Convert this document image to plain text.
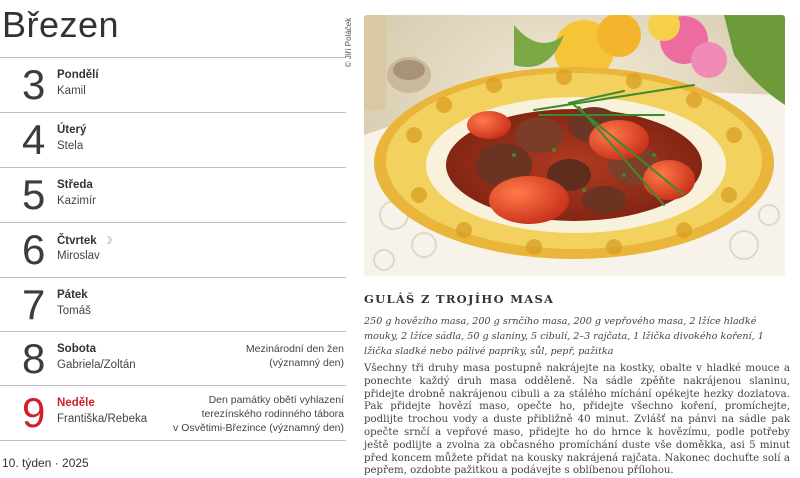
Březen
3 Pondělí
Kamil
4 Úterý
Stela
5 Středa
Kazimír
6 Čtvrtek ☽
Miroslav
7 Pátek
Tomáš
8 Sobota
Gabriela/Zoltán
Mezinárodní den žen
(významný den)
9 Neděle
Františka/Rebeka
Den památky obětí vyhlazení
terezínského rodinného tábora
v Osvětimi-Březince (významný den)
10. týden · 2025
© Jiří Poláček
GULÁŠ Z TROJÍHO MASA
250 g hovězího masa, 200 g srnčího masa, 200 g vepřového masa, 2 lžíce hladké mouky, 2 lžíce sádla, 50 g slaniny, 5 cibulí, 2–3 rajčata, 1 lžička divokého koření, 1 lžička sladké nebo pálivé papriky, sůl, pepř, pažitka
Všechny tři druhy masa postupně nakrájejte na kostky, obalte v hladké mouce a ponechte každý druh masa odděleně. Na sádle zpěňte nakrájenou slaninu, přidejte drobně nakrájenou cibuli a za stálého míchání opékejte hezky dozlatova. Pak přidejte hovězí maso, opečte ho, přidejte všechno koření, promíchejte, podlijte trochou vody a duste přibližně 40 minut. Zvlášť na pánvi na sádle pak opečte srnčí a vepřové maso, přidejte ho do hrnce k hovězímu, podle potřeby ještě podlijte a zvolna za občasného promíchání duste vše doměkka, asi 5 minut před koncem můžete přidat na kousky nakrájená rajčata. Nakonec dochuťte solí a pepřem, ozdobte pažitkou a podávejte s oblíbenou přílohou.
